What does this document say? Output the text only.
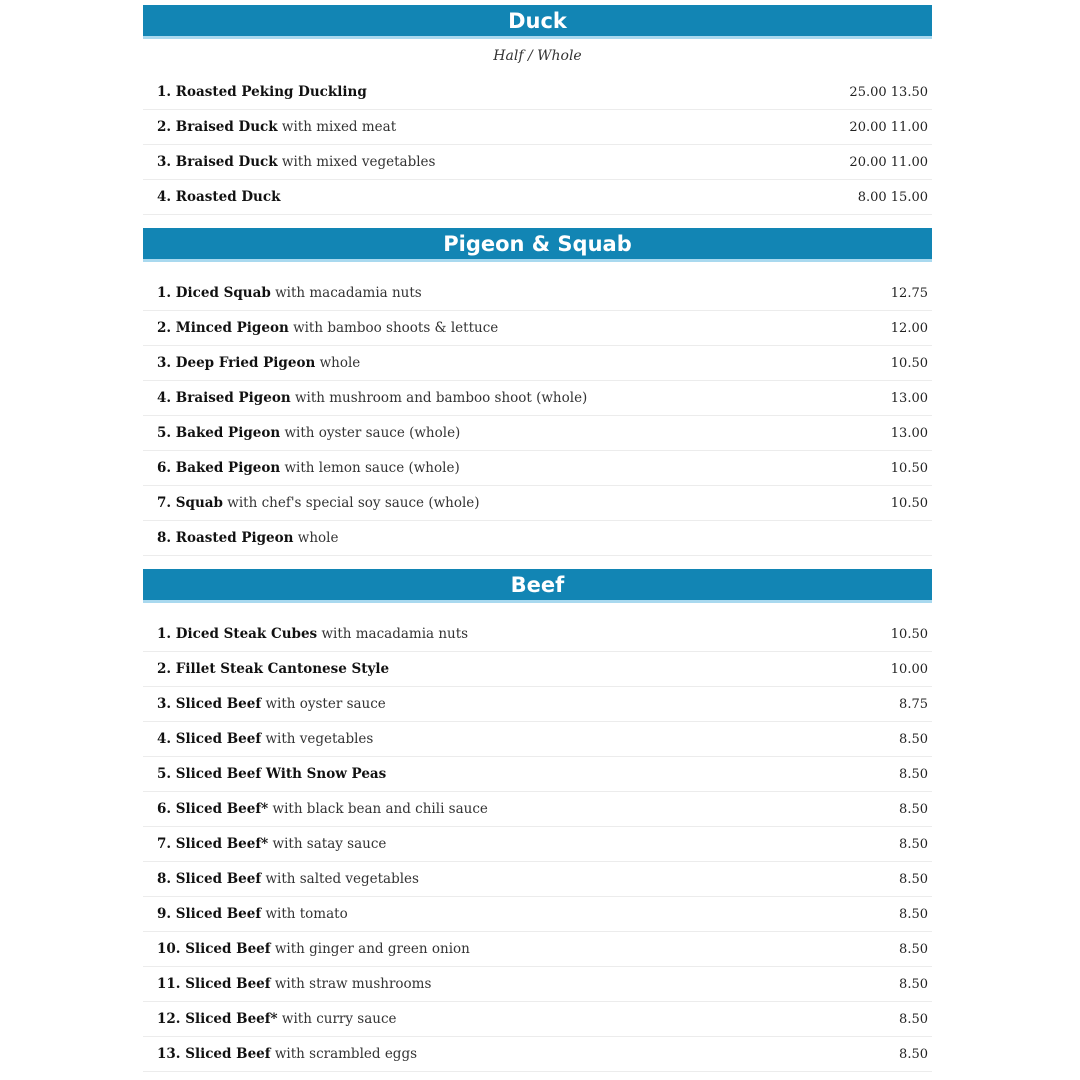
Duck
Half / Whole
1. Roasted Peking Duckling	25.00 13.50
2. Braised Duck with mixed meat	20.00 11.00
3. Braised Duck with mixed vegetables	20.00 11.00
4. Roasted Duck	8.00 15.00
Pigeon & Squab
1. Diced Squab with macadamia nuts	12.75
2. Minced Pigeon with bamboo shoots & lettuce	12.00
3. Deep Fried Pigeon whole	10.50
4. Braised Pigeon with mushroom and bamboo shoot (whole)	13.00
5. Baked Pigeon with oyster sauce (whole)	13.00
6. Baked Pigeon with lemon sauce (whole)	10.50
7. Squab with chef's special soy sauce (whole)	10.50
8. Roasted Pigeon whole
Beef
1. Diced Steak Cubes with macadamia nuts	10.50
2. Fillet Steak Cantonese Style	10.00
3. Sliced Beef with oyster sauce	8.75
4. Sliced Beef with vegetables	8.50
5. Sliced Beef With Snow Peas	8.50
6. Sliced Beef* with black bean and chili sauce	8.50
7. Sliced Beef* with satay sauce	8.50
8. Sliced Beef with salted vegetables	8.50
9. Sliced Beef with tomato	8.50
10. Sliced Beef with ginger and green onion	8.50
11. Sliced Beef with straw mushrooms	8.50
12. Sliced Beef* with curry sauce	8.50
13. Sliced Beef with scrambled eggs	8.50
